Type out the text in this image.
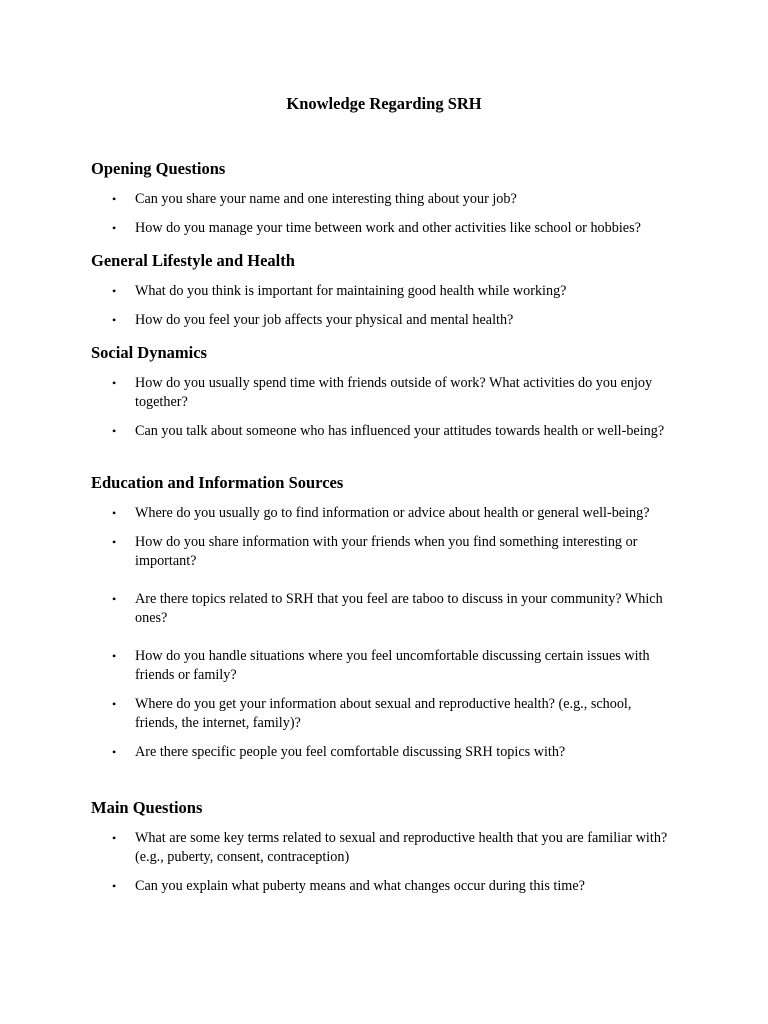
Knowledge Regarding SRH
Opening Questions
• Can you share your name and one interesting thing about your job?
• How do you manage your time between work and other activities like school or hobbies?
General Lifestyle and Health
• What do you think is important for maintaining good health while working?
• How do you feel your job affects your physical and mental health?
Social Dynamics
• How do you usually spend time with friends outside of work? What activities do you enjoy together?
• Can you talk about someone who has influenced your attitudes towards health or well-being?
Education and Information Sources
• Where do you usually go to find information or advice about health or general well-being?
• How do you share information with your friends when you find something interesting or important?
• Are there topics related to SRH that you feel are taboo to discuss in your community? Which ones?
• How do you handle situations where you feel uncomfortable discussing certain issues with friends or family?
• Where do you get your information about sexual and reproductive health? (e.g., school, friends, the internet, family)?
• Are there specific people you feel comfortable discussing SRH topics with?
Main Questions
• What are some key terms related to sexual and reproductive health that you are familiar with? (e.g., puberty, consent, contraception)
• Can you explain what puberty means and what changes occur during this time?
